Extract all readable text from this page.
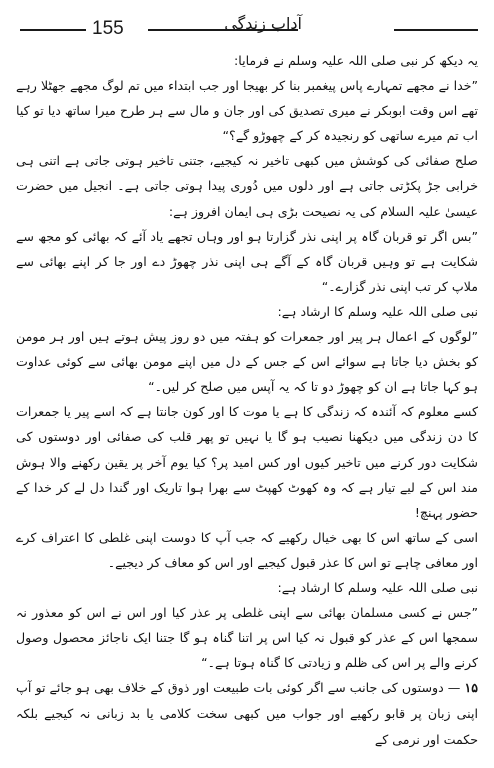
155	آداب زندگی

یہ دیکھ کر نبی صلی اللہ علیہ وسلم نے فرمایا:

”خدا نے مجھے تمہارے پاس پیغمبر بنا کر بھیجا اور جب ابتداء میں تم لوگ مجھے جھٹلا رہے تھے اس وقت ابوبکر نے میری تصدیق کی اور جان و مال سے ہر طرح میرا ساتھ دیا تو کیا اب تم میرے ساتھی کو رنجیدہ کر کے چھوڑو گے؟“

صلح صفائی کی کوشش میں کبھی تاخیر نہ کیجیے، جتنی تاخیر ہوتی جاتی ہے اتنی ہی خرابی جڑ پکڑتی جاتی ہے اور دلوں میں دُوری پیدا ہوتی جاتی ہے۔ انجیل میں حضرت عیسیٰ علیہ السلام کی یہ نصیحت بڑی ہی ایمان افروز ہے:

”بس اگر تو قربان گاہ پر اپنی نذر گزارتا ہو اور وہاں تجھے یاد آئے کہ بھائی کو مجھ سے شکایت ہے تو وہیں قربان گاہ کے آگے ہی اپنی نذر چھوڑ دے اور جا کر اپنے بھائی سے ملاپ کر تب اپنی نذر گزارے۔“

نبی صلی اللہ علیہ وسلم کا ارشاد ہے:

”لوگوں کے اعمال ہر پیر اور جمعرات کو ہفتہ میں دو روز پیش ہوتے ہیں اور ہر مومن کو بخش دیا جاتا ہے سوائے اس کے جس کے دل میں اپنے مومن بھائی سے کوئی عداوت ہو کہا جاتا ہے ان کو چھوڑ دو تا کہ یہ آپس میں صلح کر لیں۔“

کسے معلوم کہ آئندہ کہ زندگی کا ہے یا موت کا اور کون جانتا ہے کہ اسے پیر یا جمعرات کا دن زندگی میں دیکھنا نصیب ہو گا یا نہیں تو پھر قلب کی صفائی اور دوستوں کی شکایت دور کرنے میں تاخیر کیوں اور کس امید پر؟ کیا یوم آخر پر یقین رکھنے والا ہوش مند اس کے لیے تیار ہے کہ وہ کھوٹ کھپٹ سے بھرا ہوا تاریک اور گندا دل لے کر خدا کے حضور پہنچ!

اسی کے ساتھ اس کا بھی خیال رکھیے کہ جب آپ کا دوست اپنی غلطی کا اعتراف کرے اور معافی چاہے تو اس کا عذر قبول کیجیے اور اس کو معاف کر دیجیے۔

نبی صلی اللہ علیہ وسلم کا ارشاد ہے:

”جس نے کسی مسلمان بھائی سے اپنی غلطی پر عذر کیا اور اس نے اس کو معذور نہ سمجھا اس کے عذر کو قبول نہ کیا اس پر اتنا گناہ ہو گا جتنا ایک ناجائز محصول وصول کرنے والے پر اس کی ظلم و زیادتی کا گناہ ہوتا ہے۔“

۱۵ — دوستوں کی جانب سے اگر کوئی بات طبیعت اور ذوق کے خلاف بھی ہو جائے تو آپ اپنی زبان پر قابو رکھیے اور جواب میں کبھی سخت کلامی یا بد زبانی نہ کیجیے بلکہ حکمت اور نرمی کے
